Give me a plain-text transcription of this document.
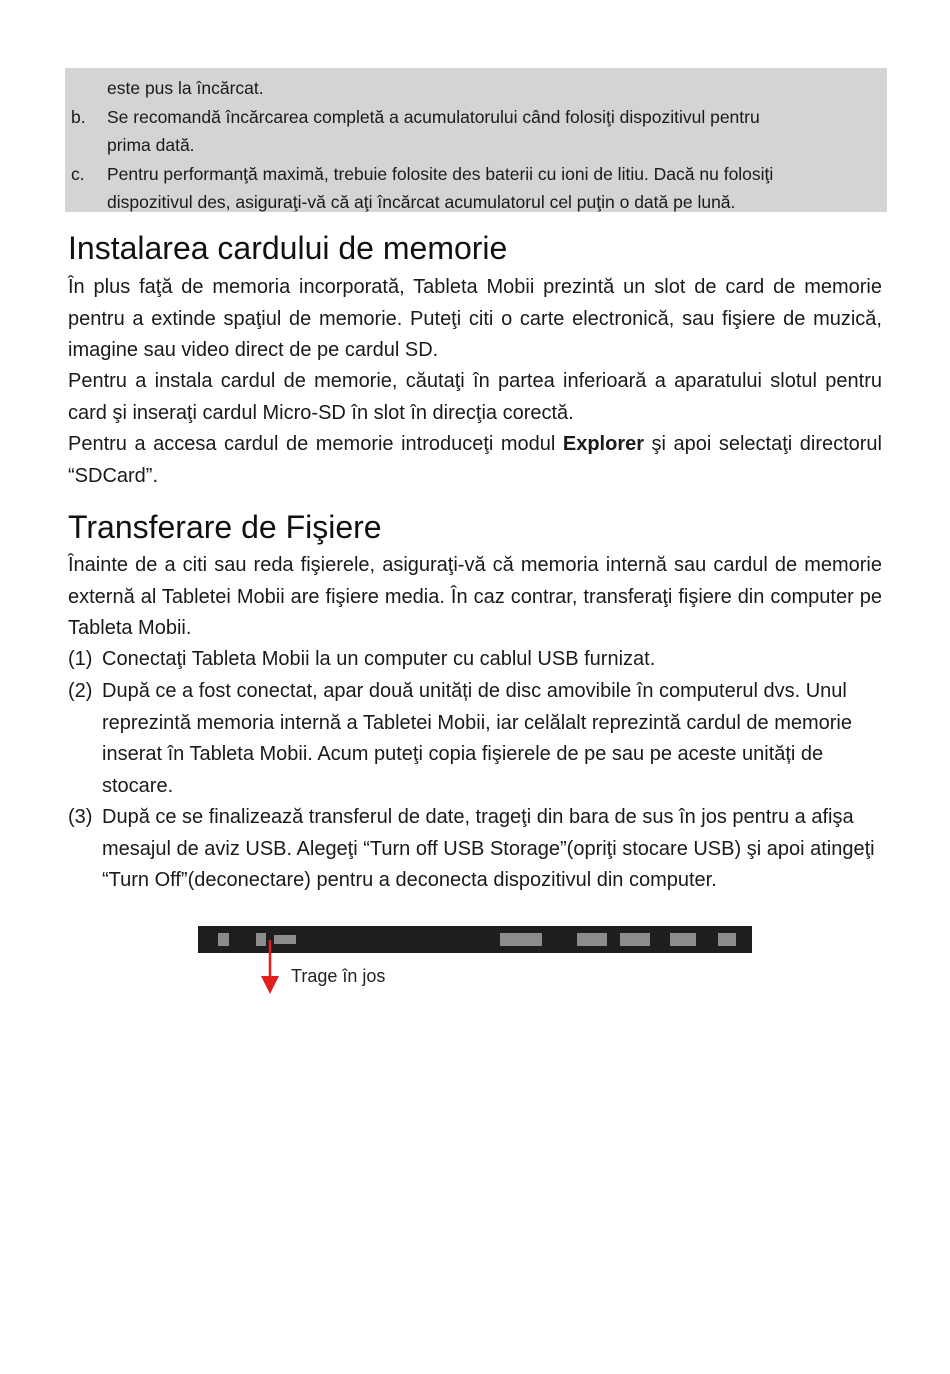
este pus la încărcat.
b.	Se recomandă încărcarea completă a acumulatorului când folosiţi dispozitivul pentru
prima dată.
c.	Pentru performanţă maximă, trebuie folosite des baterii cu ioni de litiu. Dacă nu folosiţi
dispozitivul des, asiguraţi-vă că aţi încărcat acumulatorul cel puţin o dată pe lună.
Instalarea cardului de memorie

În plus faţă de memoria incorporată, Tableta Mobii prezintă un slot de card de memorie pentru a extinde spaţiul de memorie. Puteţi citi o carte electronică, sau fişiere de muzică, imagine sau video direct de pe cardul SD.

Pentru a instala cardul de memorie, căutaţi în partea inferioară a aparatului slotul pentru card şi inseraţi cardul Micro-SD în slot în direcţia corectă.

Pentru a accesa cardul de memorie introduceţi modul Explorer şi apoi selectaţi directorul “SDCard”.

Transferare de Fişiere

Înainte de a citi sau reda fişierele, asiguraţi-vă că memoria internă sau cardul de memorie externă al Tabletei Mobii are fişiere media. În caz contrar, transferaţi fişiere din computer pe Tableta Mobii.

(1) Conectaţi Tableta Mobii la un computer cu cablul USB furnizat.
(2) După ce a fost conectat, apar două unități de disc amovibile în computerul dvs. Unul reprezintă memoria internă a Tabletei Mobii, iar celălalt reprezintă cardul de memorie inserat în Tableta Mobii. Acum puteţi copia fişierele de pe sau pe aceste unități de stocare.
(3) După ce se finalizează transferul de date, trageţi din bara de sus în jos pentru a afişa mesajul de aviz USB. Alegeţi “Turn off USB Storage”(opriţi stocare USB) şi apoi atingeţi “Turn Off”(deconectare) pentru a deconecta dispozitivul din computer.
Trage în jos
